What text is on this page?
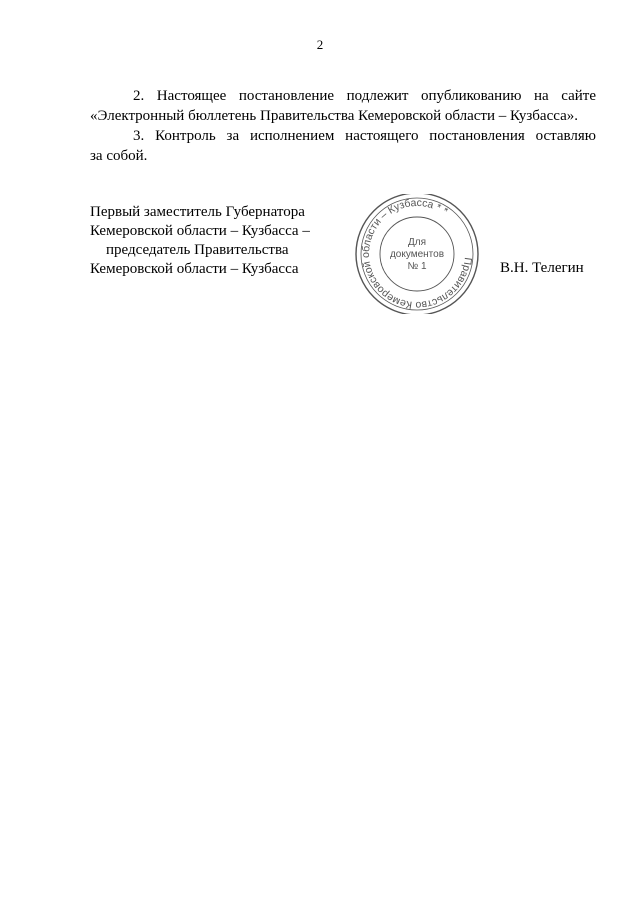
2

2. Настоящее постановление подлежит опубликованию на сайте
«Электронный бюллетень Правительства Кемеровской области – Кузбасса».

3. Контроль за исполнением настоящего постановления оставляю
за собой.

Первый заместитель Губернатора
Кемеровской области – Кузбасса –
председатель Правительства
Кемеровской области – Кузбасса	Правительство Кемеровской области – Кузбасса * *
Для
документов
№ 1	В.Н. Телегин
